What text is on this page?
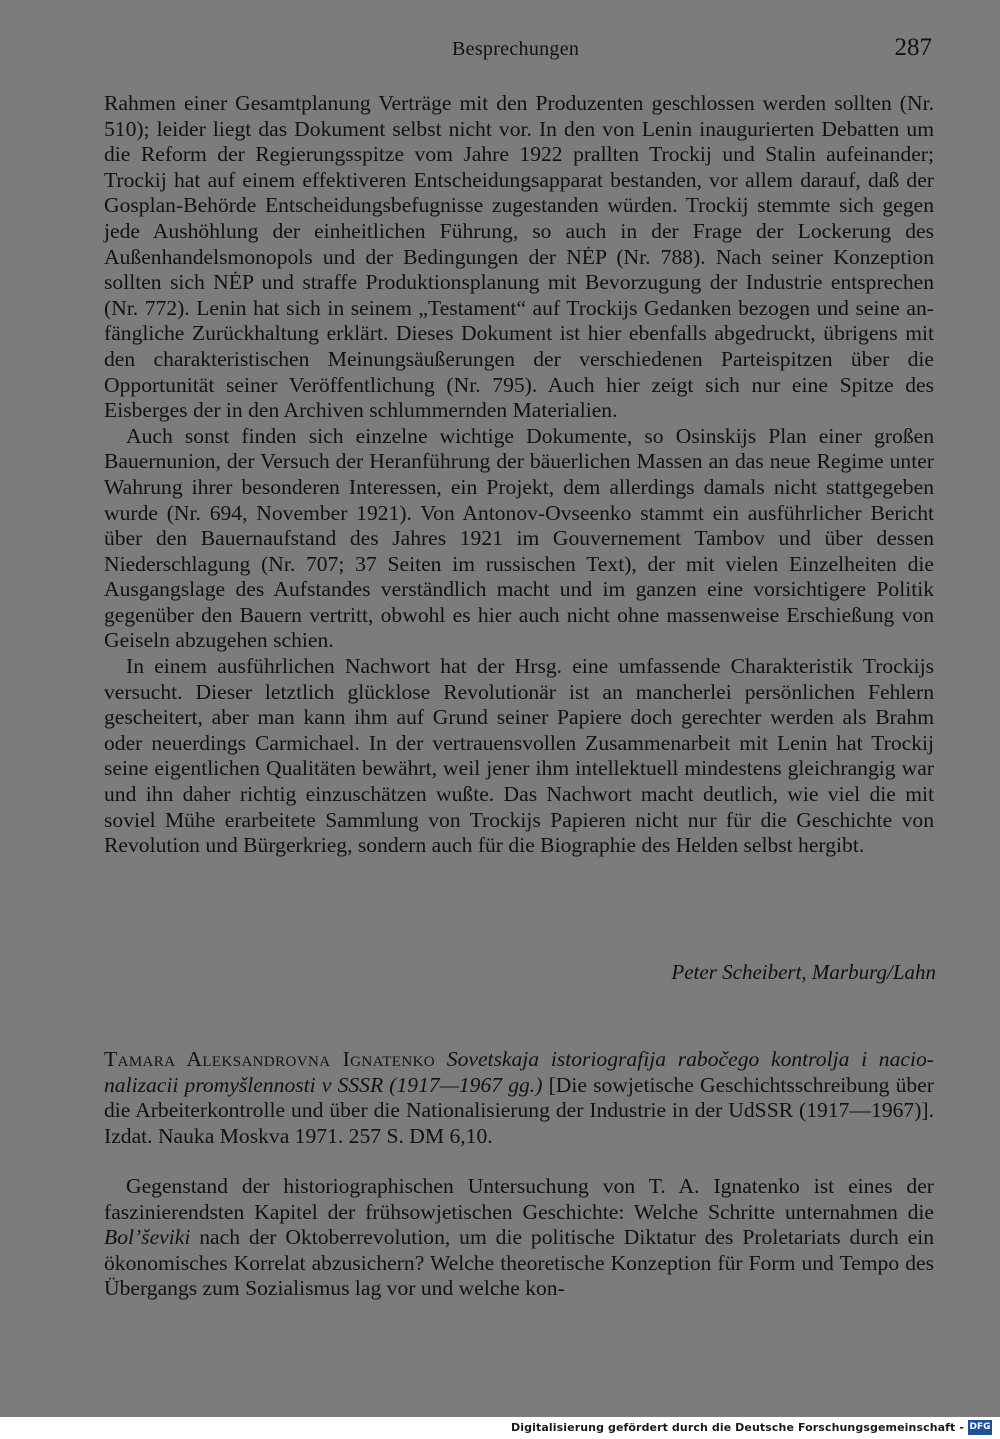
Besprechungen	287

Rahmen einer Gesamtplanung Verträge mit den Produzenten geschlossen werden sollten (Nr. 510); leider liegt das Dokument selbst nicht vor. In den von Lenin inaugurierten Debatten um die Reform der Regierungsspitze vom Jahre 1922 prallten Trockij und Stalin aufeinander; Trockij hat auf einem effektiveren Entscheidungsapparat bestanden, vor allem darauf, daß der Gosplan-Behörde Entscheidungsbefugnisse zugestanden würden. Trockij stemmte sich gegen jede Aushöhlung der einheitlichen Führung, so auch in der Frage der Lockerung des Außenhandelsmonopols und der Bedingungen der NĖP (Nr. 788). Nach seiner Konzeption sollten sich NĖP und straffe Produktionsplanung mit Bevorzugung der Industrie entsprechen (Nr. 772). Lenin hat sich in seinem „Testament“ auf Trockijs Gedanken bezogen und seine anfängliche Zurückhaltung erklärt. Dieses Dokument ist hier ebenfalls abgedruckt, übrigens mit den charakteristischen Meinungsäußerungen der verschiedenen Parteispitzen über die Opportunität seiner Veröffentlichung (Nr. 795). Auch hier zeigt sich nur eine Spitze des Eisberges der in den Archiven schlummernden Materialien.

Auch sonst finden sich einzelne wichtige Dokumente, so Osinskijs Plan einer großen Bauernunion, der Versuch der Heranführung der bäuerlichen Massen an das neue Regime unter Wahrung ihrer besonderen Interessen, ein Projekt, dem allerdings damals nicht stattgegeben wurde (Nr. 694, November 1921). Von Antonov-Ovseenko stammt ein ausführlicher Bericht über den Bauernaufstand des Jahres 1921 im Gouvernement Tambov und über dessen Niederschlagung (Nr. 707; 37 Seiten im russischen Text), der mit vielen Einzelheiten die Ausgangslage des Aufstandes verständlich macht und im ganzen eine vorsichtigere Politik gegenüber den Bauern vertritt, obwohl es hier auch nicht ohne massenweise Erschießung von Geiseln abzugehen schien.

In einem ausführlichen Nachwort hat der Hrsg. eine umfassende Charakteristik Trockijs versucht. Dieser letztlich glücklose Revolutionär ist an mancherlei persönlichen Fehlern gescheitert, aber man kann ihm auf Grund seiner Papiere doch gerechter werden als Brahm oder neuerdings Carmichael. In der vertrauensvollen Zusammenarbeit mit Lenin hat Trockij seine eigentlichen Qualitäten bewährt, weil jener ihm intellektuell mindestens gleichrangig war und ihn daher richtig einzuschätzen wußte. Das Nachwort macht deutlich, wie viel die mit soviel Mühe erarbeitete Sammlung von Trockijs Papieren nicht nur für die Geschichte von Revolution und Bürgerkrieg, sondern auch für die Biographie des Helden selbst hergibt.

Peter Scheibert, Marburg/Lahn
Tamara Aleksandrovna Ignatenko Sovetskaja istoriografija rabočego kontrolja i nacionalizacii promyšlennosti v SSSR (1917—1967 gg.) [Die sowjetische Geschichtsschreibung über die Arbeiterkontrolle und über die Nationalisierung der Industrie in der UdSSR (1917—1967)]. Izdat. Nauka Moskva 1971. 257 S. DM 6,10.

Gegenstand der historiographischen Untersuchung von T. A. Ignatenko ist eines der faszinierendsten Kapitel der frühsowjetischen Geschichte: Welche Schritte unternahmen die Bol’ševiki nach der Oktoberrevolution, um die politische Diktatur des Proletariats durch ein ökonomisches Korrelat abzusichern? Welche theoretische Konzeption für Form und Tempo des Übergangs zum Sozialismus lag vor und welche kon-

Digitalisierung gefördert durch die Deutsche Forschungsgemeinschaft - DFG
